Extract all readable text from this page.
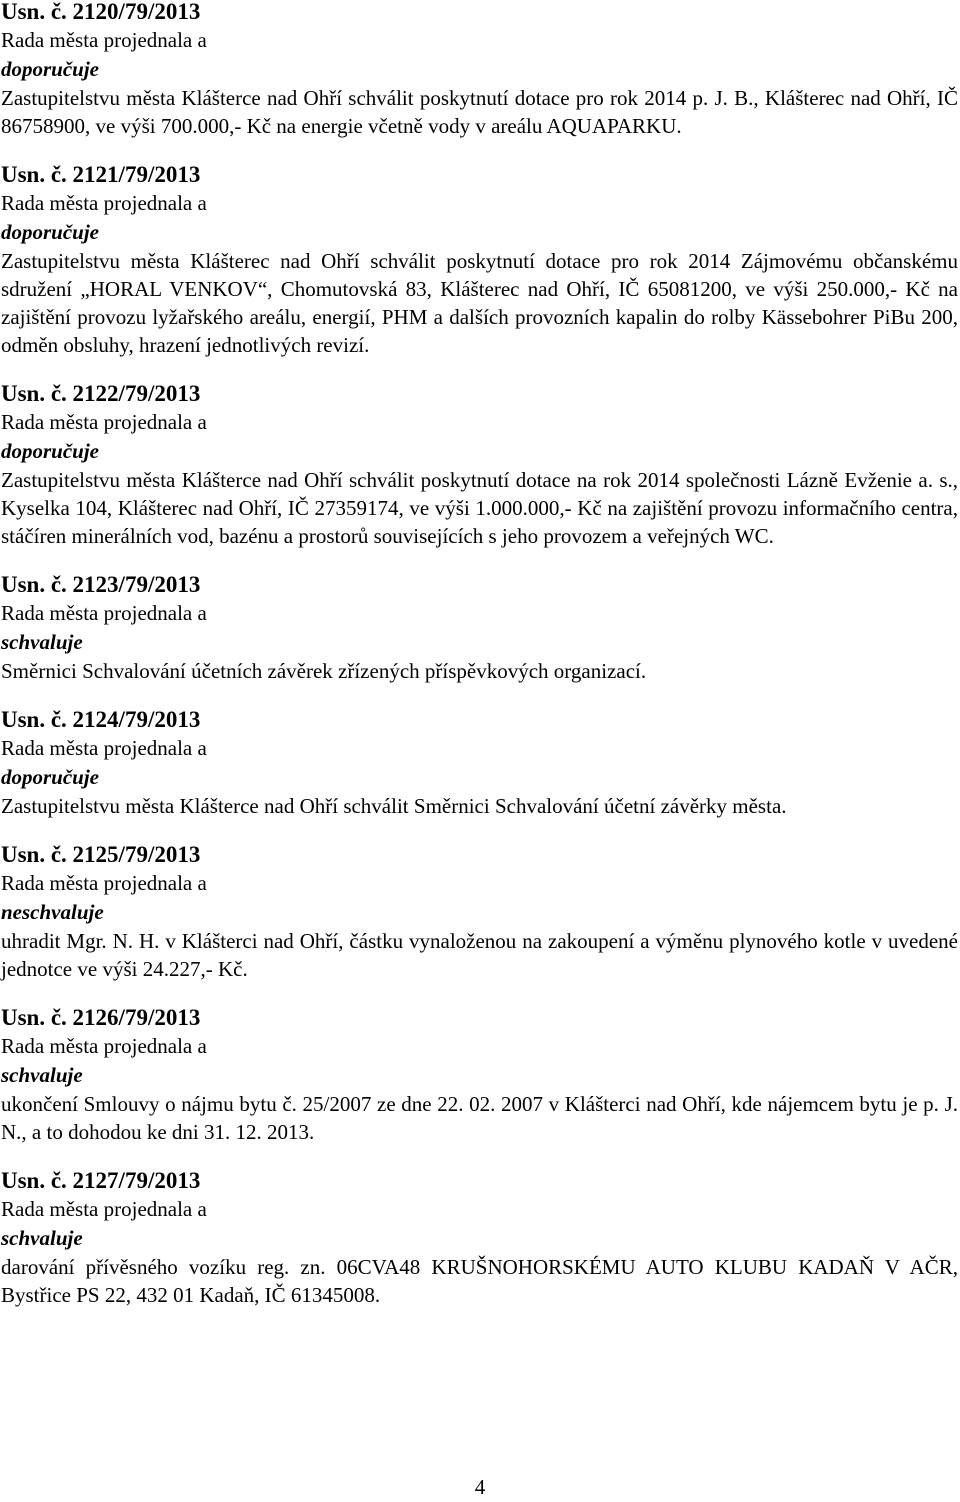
Usn. č. 2120/79/2013

Rada města projednala a

doporučuje

Zastupitelstvu města Klášterce nad Ohří schválit poskytnutí dotace pro rok 2014 p. J. B., Klášterec nad Ohří, IČ 86758900, ve výši 700.000,- Kč na energie včetně vody v areálu AQUAPARKU.

Usn. č. 2121/79/2013

Rada města projednala a

doporučuje

Zastupitelstvu města Klášterec nad Ohří schválit poskytnutí dotace pro rok 2014 Zájmovému občanskému sdružení „HORAL VENKOV“, Chomutovská 83, Klášterec nad Ohří, IČ 65081200, ve výši 250.000,- Kč na zajištění provozu lyžařského areálu, energií, PHM a dalších provozních kapalin do rolby Kässebohrer PiBu 200, odměn obsluhy, hrazení jednotlivých revizí.

Usn. č. 2122/79/2013

Rada města projednala a

doporučuje

Zastupitelstvu města Klášterce nad Ohří schválit poskytnutí dotace na rok 2014 společnosti Lázně Evženie a. s., Kyselka 104, Klášterec nad Ohří, IČ 27359174, ve výši 1.000.000,- Kč na zajištění provozu informačního centra, stáčíren minerálních vod, bazénu a prostorů souvisejících s jeho provozem a veřejných WC.

Usn. č. 2123/79/2013

Rada města projednala a

schvaluje

Směrnici Schvalování účetních závěrek zřízených příspěvkových organizací.

Usn. č. 2124/79/2013

Rada města projednala a

doporučuje

Zastupitelstvu města Klášterce nad Ohří schválit Směrnici Schvalování účetní závěrky města.

Usn. č. 2125/79/2013

Rada města projednala a

neschvaluje

uhradit Mgr. N. H. v Klášterci nad Ohří, částku vynaloženou na zakoupení a výměnu plynového kotle v uvedené jednotce ve výši 24.227,- Kč.

Usn. č. 2126/79/2013

Rada města projednala a

schvaluje

ukončení Smlouvy o nájmu bytu č. 25/2007 ze dne 22. 02. 2007 v Klášterci nad Ohří, kde nájemcem bytu je p. J. N., a to dohodou ke dni 31. 12. 2013.

Usn. č. 2127/79/2013

Rada města projednala a

schvaluje

darování přívěsného vozíku reg. zn. 06CVA48 KRUŠNOHORSKÉMU AUTO KLUBU KADAŇ V AČR, Bystřice PS 22, 432 01 Kadaň, IČ 61345008.

4
